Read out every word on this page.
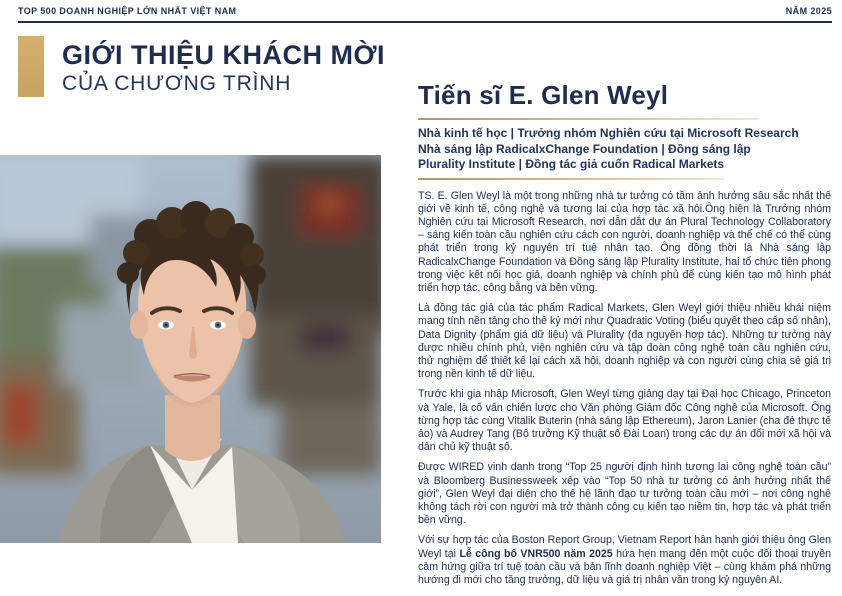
TOP 500 DOANH NGHIỆP LỚN NHẤT VIỆT NAM	NĂM 2025
GIỚI THIỆU KHÁCH MỜI
CỦA CHƯƠNG TRÌNH	Tiến sĩ E. Glen Weyl
Nhà kinh tế học | Trưởng nhóm Nghiên cứu tại Microsoft Research
Nhà sáng lập RadicalxChange Foundation | Đồng sáng lập
Plurality Institute | Đồng tác giả cuốn Radical Markets

TS. E. Glen Weyl là một trong những nhà tư tưởng có tầm ảnh hưởng sâu sắc nhất thế giới về kinh tế, công nghệ và tương lai của hợp tác xã hội.Ông hiện là Trưởng nhóm Nghiên cứu tại Microsoft Research, nơi dẫn dắt dự án Plural Technology Collaboratory – sáng kiến toàn cầu nghiên cứu cách con người, doanh nghiệp và thể chế có thể cùng phát triển trong kỷ nguyên trí tuệ nhân tạo. Ông đồng thời là Nhà sáng lập RadicalxChange Foundation và Đồng sáng lập Plurality Institute, hai tổ chức tiên phong trong việc kết nối học giả, doanh nghiệp và chính phủ để cùng kiến tạo mô hình phát triển hợp tác, công bằng và bền vững.

Là đồng tác giả của tác phẩm Radical Markets, Glen Weyl giới thiệu nhiều khái niệm mang tính nền tảng cho thế kỷ mới như Quadratic Voting (biểu quyết theo cấp số nhân), Data Dignity (phẩm giá dữ liệu) và Plurality (đa nguyên hợp tác). Những tư tưởng này được nhiều chính phủ, viện nghiên cứu và tập đoàn công nghệ toàn cầu nghiên cứu, thử nghiệm để thiết kế lại cách xã hội, doanh nghiệp và con người cùng chia sẻ giá trị trong nền kinh tế dữ liệu.

Trước khi gia nhập Microsoft, Glen Weyl từng giảng dạy tại Đại học Chicago, Princeton và Yale, là cố vấn chiến lược cho Văn phòng Giám đốc Công nghệ của Microsoft. Ông từng hợp tác cùng Vitalik Buterin (nhà sáng lập Ethereum), Jaron Lanier (cha đẻ thực tế ảo) và Audrey Tang (Bộ trưởng Kỹ thuật số Đài Loan) trong các dự án đổi mới xã hội và dân chủ kỹ thuật số.

Được WIRED vinh danh trong “Top 25 người định hình tương lai công nghệ toàn cầu” và Bloomberg Businessweek xếp vào “Top 50 nhà tư tưởng có ảnh hưởng nhất thế giới”, Glen Weyl đại diện cho thế hệ lãnh đạo tư tưởng toàn cầu mới – nơi công nghệ không tách rời con người mà trở thành công cụ kiến tạo niềm tin, hợp tác và phát triển bền vững.

Với sự hợp tác của Boston Report Group, Vietnam Report hân hạnh giới thiệu ông Glen Weyl tại Lễ công bố VNR500 năm 2025 hứa hẹn mang đến một cuộc đối thoại truyền cảm hứng giữa trí tuệ toàn cầu và bản lĩnh doanh nghiệp Việt – cùng khám phá những hướng đi mới cho tăng trưởng, dữ liệu và giá trị nhân văn trong kỷ nguyên AI.
